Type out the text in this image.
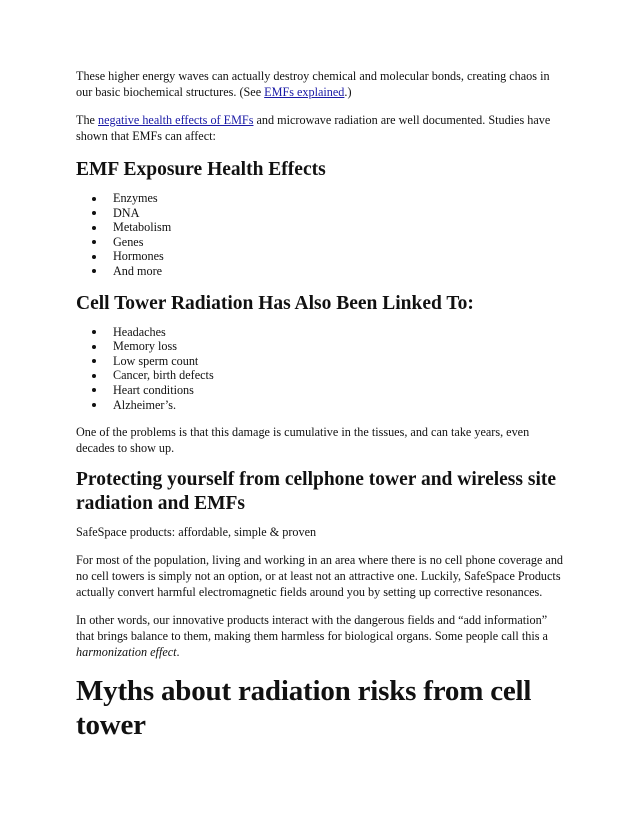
These higher energy waves can actually destroy chemical and molecular bonds, creating chaos in our basic biochemical structures. (See EMFs explained.)

The negative health effects of EMFs and microwave radiation are well documented. Studies have shown that EMFs can affect:

EMF Exposure Health Effects
Enzymes
DNA
Metabolism
Genes
Hormones
And more
Cell Tower Radiation Has Also Been Linked To:
Headaches
Memory loss
Low sperm count
Cancer, birth defects
Heart conditions
Alzheimer’s.

One of the problems is that this damage is cumulative in the tissues, and can take years, even decades to show up.

Protecting yourself from cellphone tower and wireless site radiation and EMFs

SafeSpace products: affordable, simple & proven

For most of the population, living and working in an area where there is no cell phone coverage and no cell towers is simply not an option, or at least not an attractive one. Luckily, SafeSpace Products actually convert harmful electromagnetic fields around you by setting up corrective resonances.

In other words, our innovative products interact with the dangerous fields and “add information” that brings balance to them, making them harmless for biological organs. Some people call this a harmonization effect.

Myths about radiation risks from cell tower
